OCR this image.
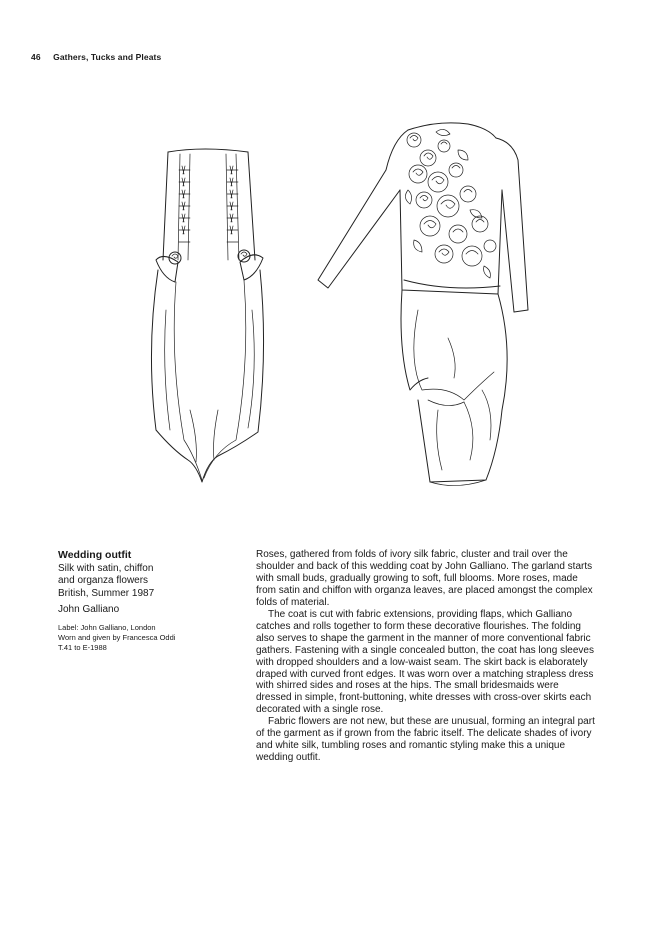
46 Gathers, Tucks and Pleats
Wedding outfit
Silk with satin, chiffon
and organza flowers
British, Summer 1987
John Galliano
Label: John Galliano, London
Worn and given by Francesca Oddi
T.41 to E-1988

Roses, gathered from folds of ivory silk fabric, cluster and trail over the shoulder and back of this wedding coat by John Galliano. The garland starts with small buds, gradually growing to soft, full blooms. More roses, made from satin and chiffon with organza leaves, are placed amongst the complex folds of material.

The coat is cut with fabric extensions, providing flaps, which Galliano catches and rolls together to form these decorative flourishes. The folding also serves to shape the garment in the manner of more conventional fabric gathers. Fastening with a single concealed button, the coat has long sleeves with dropped shoulders and a low-waist seam. The skirt back is elaborately draped with curved front edges. It was worn over a matching strapless dress with shirred sides and roses at the hips. The small bridesmaids were dressed in simple, front-buttoning, white dresses with cross-over skirts each decorated with a single rose.

Fabric flowers are not new, but these are unusual, forming an integral part of the garment as if grown from the fabric itself. The delicate shades of ivory and white silk, tumbling roses and romantic styling make this a unique wedding outfit.
